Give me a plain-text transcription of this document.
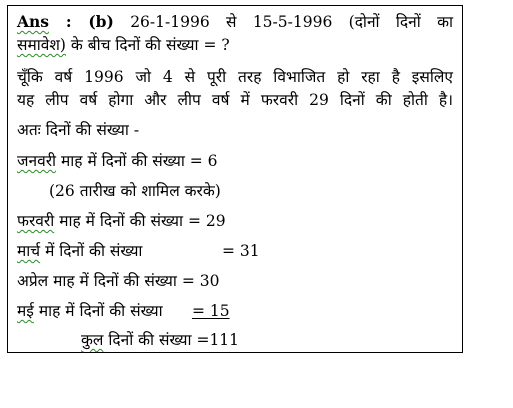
Ans : (b) 26-1-1996 से 15-5-1996 (दोनों दिनों का
समावेश) के बीच दिनों की संख्या = ?
चूँकि वर्ष 1996 जो 4 से पूरी तरह विभाजित हो रहा है इसलिए
यह लीप वर्ष होगा और लीप वर्ष में फरवरी 29 दिनों की होती है।
अतः दिनों की संख्या -
जनवरी माह में दिनों की संख्या = 6
(26 तारीख को शामिल करके)
फरवरी माह में दिनों की संख्या = 29
मार्च में दिनों की संख्या	= 31
अप्रेल माह में दिनों की संख्या = 30
मई माह में दिनों की संख्या = 15
कुल दिनों की संख्या =111
